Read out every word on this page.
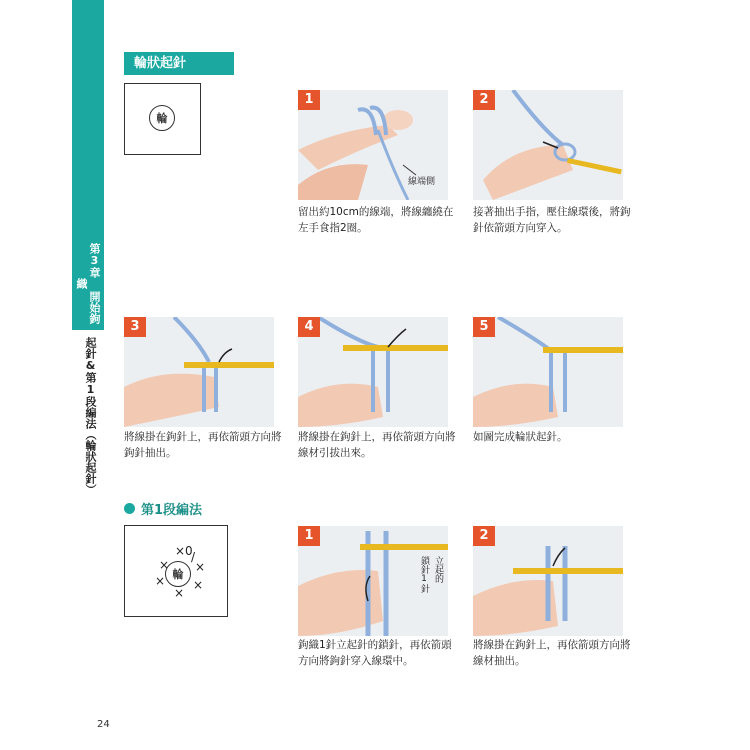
第3章 開始鉤織
起針&第1段編法（輪狀起針）
輪狀起針
輪
1
線端側
2
留出約10cm的線端，將線纏繞在左手食指2圈。
接著抽出手指，壓住線環後，將鉤針依箭頭方向穿入。
3	4	5
將線掛在鉤針上，再依箭頭方向將鉤針抽出。
將線掛在鉤針上，再依箭頭方向將線材引拔出來。
如圖完成輪狀起針。
第1段編法
輪
×0
/
× ×
× ×
×
1
立起的
鎖針1針
2
鉤織1針立起針的鎖針，再依箭頭方向將鉤針穿入線環中。
將線掛在鉤針上，再依箭頭方向將線材抽出。
24
